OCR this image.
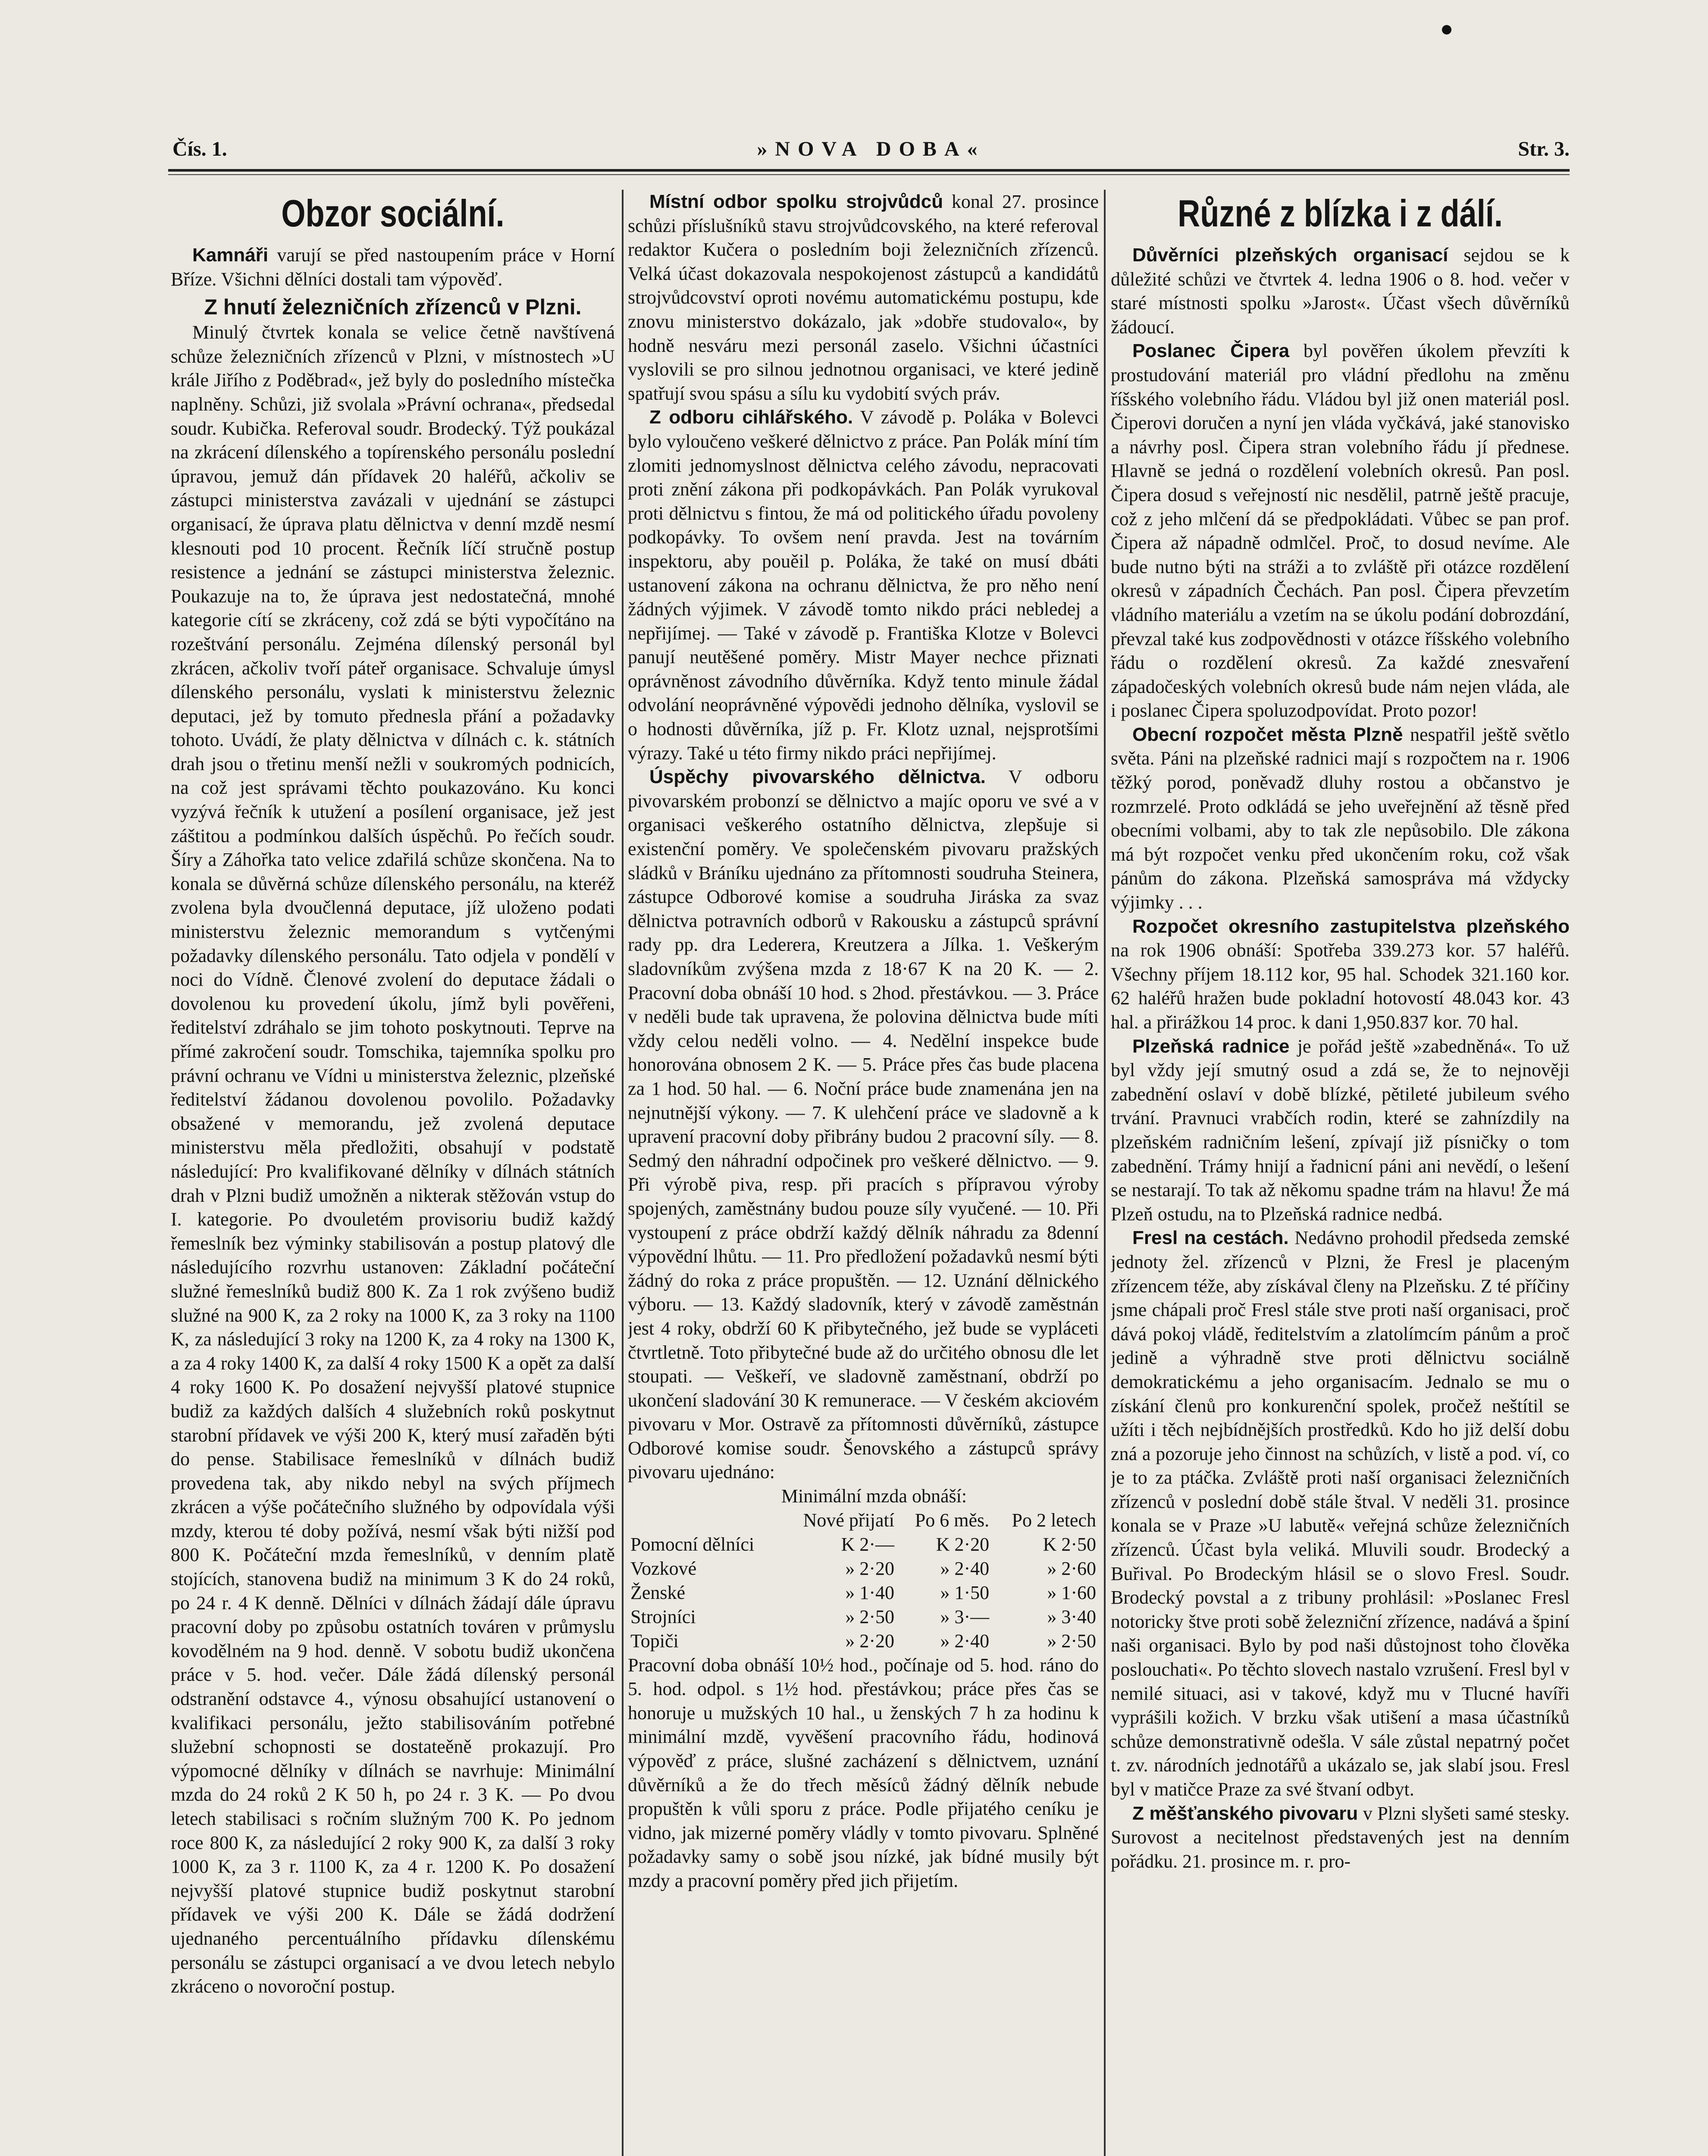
Čís. 1.	»NOVA DOBA«	Str. 3.
Obzor sociální.

Kamnáři varují se před nastoupením práce v Horní Bříze. Všichni dělníci dostali tam výpověď.

Z hnutí železničních zřízenců v Plzni.

Minulý čtvrtek konala se velice četně navštívená schůze železničních zřízenců v Plzni, v místnostech »U krále Jiřího z Poděbrad«, jež byly do posledního místečka naplněny. Schůzi, již svolala »Právní ochrana«, předsedal soudr. Kubička. Referoval soudr. Brodecký. Týž poukázal na zkrácení dílenského a topírenského personálu poslední úpravou, jemuž dán přídavek 20 haléřů, ačkoliv se zástupci ministerstva zavázali v ujednání se zástupci organisací, že úprava platu dělnictva v denní mzdě nesmí klesnouti pod 10 procent. Řečník líčí stručně postup resistence a jednání se zástupci ministerstva železnic. Poukazuje na to, že úprava jest nedostatečná, mnohé kategorie cítí se zkráceny, což zdá se býti vypočítáno na rozeštvání personálu. Zejména dílenský personál byl zkrácen, ačkoliv tvoří páteř organisace. Schvaluje úmysl dílenského personálu, vyslati k ministerstvu železnic deputaci, jež by tomuto přednesla přání a požadavky tohoto. Uvádí, že platy dělnictva v dílnách c. k. státních drah jsou o třetinu menší nežli v soukromých podnicích, na což jest správami těchto poukazováno. Ku konci vyzývá řečník k utužení a posílení organisace, jež jest záštitou a podmínkou dalších úspěchů. Po řečích soudr. Šíry a Záhořka tato velice zdařilá schůze skončena. Na to konala se důvěrná schůze dílenského personálu, na kteréž zvolena byla dvoučlenná deputace, jíž uloženo podati ministerstvu železnic memorandum s vytčenými požadavky dílenského personálu. Tato odjela v pondělí v noci do Vídně. Členové zvolení do deputace žádali o dovolenou ku provedení úkolu, jímž byli pověřeni, ředitelství zdráhalo se jim tohoto poskytnouti. Teprve na přímé zakročení soudr. Tomschika, tajemníka spolku pro právní ochranu ve Vídni u ministerstva železnic, plzeňské ředitelství žádanou dovolenou povolilo. Požadavky obsažené v memorandu, jež zvolená deputace ministerstvu měla předložiti, obsahují v podstatě následující: Pro kvalifikované dělníky v dílnách státních drah v Plzni budiž umožněn a nikterak stěžován vstup do I. kategorie. Po dvouletém provisoriu budiž každý řemeslník bez výminky stabilisován a postup platový dle následujícího rozvrhu ustanoven: Základní počáteční služné řemeslníků budiž 800 K. Za 1 rok zvýšeno budiž služné na 900 K, za 2 roky na 1000 K, za 3 roky na 1100 K, za následující 3 roky na 1200 K, za 4 roky na 1300 K, a za 4 roky 1400 K, za další 4 roky 1500 K a opět za další 4 roky 1600 K. Po dosažení nejvyšší platové stupnice budiž za každých dalších 4 služebních roků poskytnut starobní přídavek ve výši 200 K, který musí zařaděn býti do pense. Stabilisace řemeslníků v dílnách budiž provedena tak, aby nikdo nebyl na svých příjmech zkrácen a výše počátečního služného by odpovídala výši mzdy, kterou té doby požívá, nesmí však býti nižší pod 800 K. Počáteční mzda řemeslníků, v denním platě stojících, stanovena budiž na minimum 3 K do 24 roků, po 24 r. 4 K denně. Dělníci v dílnách žádají dále úpravu pracovní doby po způsobu ostatních továren v průmyslu kovodělném na 9 hod. denně. V sobotu budiž ukončena práce v 5. hod. večer. Dále žádá dílenský personál odstranění odstavce 4., výnosu obsahující ustanovení o kvalifikaci personálu, ježto stabilisováním potřebné služební schopnosti se dostateěně prokazují. Pro výpomocné dělníky v dílnách se navrhuje: Minimální mzda do 24 roků 2 K 50 h, po 24 r. 3 K. — Po dvou letech stabilisaci s ročním služným 700 K. Po jednom roce 800 K, za následující 2 roky 900 K, za další 3 roky 1000 K, za 3 r. 1100 K, za 4 r. 1200 K. Po dosažení nejvyšší platové stupnice budiž poskytnut starobní přídavek ve výši 200 K. Dále se žádá dodržení ujednaného percentuálního přídavku dílenskému personálu se zástupci organisací a ve dvou letech nebylo zkráceno o novoroční postup.

Místní odbor spolku strojvůdců konal 27. prosince schůzi příslušníků stavu strojvůdcovského, na které referoval redaktor Kučera o posledním boji železničních zřízenců. Velká účast dokazovala nespokojenost zástupců a kandidátů strojvůdcovství oproti novému automatickému postupu, kde znovu ministerstvo dokázalo, jak »dobře studovalo«, by hodně nesváru mezi personál zaselo. Všichni účastníci vyslovili se pro silnou jednotnou organisaci, ve které jedině spatřují svou spásu a sílu ku vydobití svých práv.

Z odboru cihlářského. V závodě p. Poláka v Bolevci bylo vyloučeno veškeré dělnictvo z práce. Pan Polák míní tím zlomiti jednomyslnost dělnictva celého závodu, nepracovati proti znění zákona při podkopávkách. Pan Polák vyrukoval proti dělnictvu s fintou, že má od politického úřadu povoleny podkopávky. To ovšem není pravda. Jest na továrním inspektoru, aby pouěil p. Poláka, že také on musí dbáti ustanovení zákona na ochranu dělnictva, že pro něho není žádných výjimek. V závodě tomto nikdo práci nebledej a nepřijímej. — Také v závodě p. Františka Klotze v Bolevci panují neutěšené poměry. Mistr Mayer nechce přiznati oprávněnost závodního důvěrníka. Když tento minule žádal odvolání neoprávněné výpovědi jednoho dělníka, vyslovil se o hodnosti důvěrníka, jíž p. Fr. Klotz uznal, nejsprotšími výrazy. Také u této firmy nikdo práci nepřijímej.

Úspěchy pivovarského dělnictva. V odboru pivovarském probonzí se dělnictvo a majíc oporu ve své a v organisaci veškerého ostatního dělnictva, zlepšuje si existenční poměry. Ve společenském pivovaru pražských sládků v Bráníku ujednáno za přítomnosti soudruha Steinera, zástupce Odborové komise a soudruha Jiráska za svaz dělnictva potravních odborů v Rakousku a zástupců správní rady pp. dra Lederera, Kreutzera a Jílka. 1. Veškerým sladovníkům zvýšena mzda z 18·67 K na 20 K. — 2. Pracovní doba obnáší 10 hod. s 2hod. přestávkou. — 3. Práce v neděli bude tak upravena, že polovina dělnictva bude míti vždy celou neděli volno. — 4. Nedělní inspekce bude honorována obnosem 2 K. — 5. Práce přes čas bude placena za 1 hod. 50 hal. — 6. Noční práce bude znamenána jen na nejnutnější výkony. — 7. K ulehčení práce ve sladovně a k upravení pracovní doby přibrány budou 2 pracovní síly. — 8. Sedmý den náhradní odpočinek pro veškeré dělnictvo. — 9. Při výrobě piva, resp. při pracích s přípravou výroby spojených, zaměstnány budou pouze síly vyučené. — 10. Při vystoupení z práce obdrží každý dělník náhradu za 8denní výpovědní lhůtu. — 11. Pro předložení požadavků nesmí býti žádný do roka z práce propuštěn. — 12. Uznání dělnického výboru. — 13. Každý sladovník, který v závodě zaměstnán jest 4 roky, obdrží 60 K přibytečného, jež bude se vypláceti čtvrtletně. Toto přibytečné bude až do určitého obnosu dle let stoupati. — Veškeří, ve sladovně zaměstnaní, obdrží po ukončení sladování 30 K remunerace. — V českém akciovém pivovaru v Mor. Ostravě za přítomnosti důvěrníků, zástupce Odborové komise soudr. Šenovského a zástupců správy pivovaru ujednáno:

Minimální mzda obnáší:

	Nové přijatí	Po 6 měs.	Po 2 letech
Pomocní dělníci	K 2·—	K 2·20	K 2·50
Vozkové	» 2·20	» 2·40	» 2·60
Ženské	» 1·40	» 1·50	» 1·60
Strojníci	» 2·50	» 3·—	» 3·40
Topiči	» 2·20	» 2·40	» 2·50

Pracovní doba obnáší 10½ hod., počínaje od 5. hod. ráno do 5. hod. odpol. s 1½ hod. přestávkou; práce přes čas se honoruje u mužských 10 hal., u ženských 7 h za hodinu k minimální mzdě, vyvěšení pracovního řádu, hodinová výpověď z práce, slušné zacházení s dělnictvem, uznání důvěrníků a že do třech měsíců žádný dělník nebude propuštěn k vůli sporu z práce. Podle přijatého ceníku je vidno, jak mizerné poměry vládly v tomto pivovaru. Splněné požadavky samy o sobě jsou nízké, jak bídné musily být mzdy a pracovní poměry před jich přijetím.

Různé z blízka i z dálí.

Důvěrníci plzeňských organisací sejdou se k důležité schůzi ve čtvrtek 4. ledna 1906 o 8. hod. večer v staré místnosti spolku »Jarost«. Účast všech důvěrníků žádoucí.

Poslanec Čipera byl pověřen úkolem převzíti k prostudování materiál pro vládní předlohu na změnu říšského volebního řádu. Vládou byl již onen materiál posl. Čiperovi doručen a nyní jen vláda vyčkává, jaké stanovisko a návrhy posl. Čipera stran volebního řádu jí přednese. Hlavně se jedná o rozdělení volebních okresů. Pan posl. Čipera dosud s veřejností nic nesdělil, patrně ještě pracuje, což z jeho mlčení dá se předpokládati. Vůbec se pan prof. Čipera až nápadně odmlčel. Proč, to dosud nevíme. Ale bude nutno býti na stráži a to zvláště při otázce rozdělení okresů v západních Čechách. Pan posl. Čipera převzetím vládního materiálu a vzetím na se úkolu podání dobrozdání, převzal také kus zodpovědnosti v otázce říšského volebního řádu o rozdělení okresů. Za každé znesvaření západočeských volebních okresů bude nám nejen vláda, ale i poslanec Čipera spoluzodpovídat. Proto pozor!

Obecní rozpočet města Plzně nespatřil ještě světlo světa. Páni na plzeňské radnici mají s rozpočtem na r. 1906 těžký porod, poněvadž dluhy rostou a občanstvo je rozmrzelé. Proto odkládá se jeho uveřejnění až těsně před obecními volbami, aby to tak zle nepůsobilo. Dle zákona má být rozpočet venku před ukončením roku, což však pánům do zákona. Plzeňská samospráva má vždycky výjimky . . .

Rozpočet okresního zastupitelstva plzeňského na rok 1906 obnáší: Spotřeba 339.273 kor. 57 haléřů. Všechny příjem 18.112 kor, 95 hal. Schodek 321.160 kor. 62 haléřů hražen bude pokladní hotovostí 48.043 kor. 43 hal. a přirážkou 14 proc. k dani 1,950.837 kor. 70 hal.

Plzeňská radnice je pořád ještě »zabedněná«. To už byl vždy její smutný osud a zdá se, že to nejnověji zabednění oslaví v době blízké, pětileté jubileum svého trvání. Pravnuci vrabčích rodin, které se zahnízdily na plzeňském radničním lešení, zpívají již písničky o tom zabednění. Trámy hnijí a řadnicní páni ani nevědí, o lešení se nestarají. To tak až někomu spadne trám na hlavu! Že má Plzeň ostudu, na to Plzeňská radnice nedbá.

Fresl na cestách. Nedávno prohodil předseda zemské jednoty žel. zřízenců v Plzni, že Fresl je placeným zřízencem téže, aby získával členy na Plzeňsku. Z té příčiny jsme chápali proč Fresl stále stve proti naší organisaci, proč dává pokoj vládě, ředitelstvím a zlatolímcím pánům a proč jedině a výhradně stve proti dělnictvu sociálně demokratickému a jeho organisacím. Jednalo se mu o získání členů pro konkurenční spolek, pročež neštítil se užíti i těch nejbídnějších prostředků. Kdo ho již delší dobu zná a pozoruje jeho činnost na schůzích, v listě a pod. ví, co je to za ptáčka. Zvláště proti naší organisaci železničních zřízenců v poslední době stále štval. V neděli 31. prosince konala se v Praze »U labutě« veřejná schůze železničních zřízenců. Účast byla veliká. Mluvili soudr. Brodecký a Buřival. Po Brodeckým hlásil se o slovo Fresl. Soudr. Brodecký povstal a z tribuny prohlásil: »Poslanec Fresl notoricky štve proti sobě železniční zřízence, nadává a špiní naši organisaci. Bylo by pod naši důstojnost toho člověka poslouchati«. Po těchto slovech nastalo vzrušení. Fresl byl v nemilé situaci, asi v takové, když mu v Tlucné havíři vyprášili kožich. V brzku však utišení a masa účastníků schůze demonstrativně odešla. V sále zůstal nepatrný počet t. zv. národních jednotářů a ukázalo se, jak slabí jsou. Fresl byl v matičce Praze za své štvaní odbyt.

Z měšťanského pivovaru v Plzni slyšeti samé stesky. Surovost a necitelnost představených jest na denním pořádku. 21. prosince m. r. pro-
